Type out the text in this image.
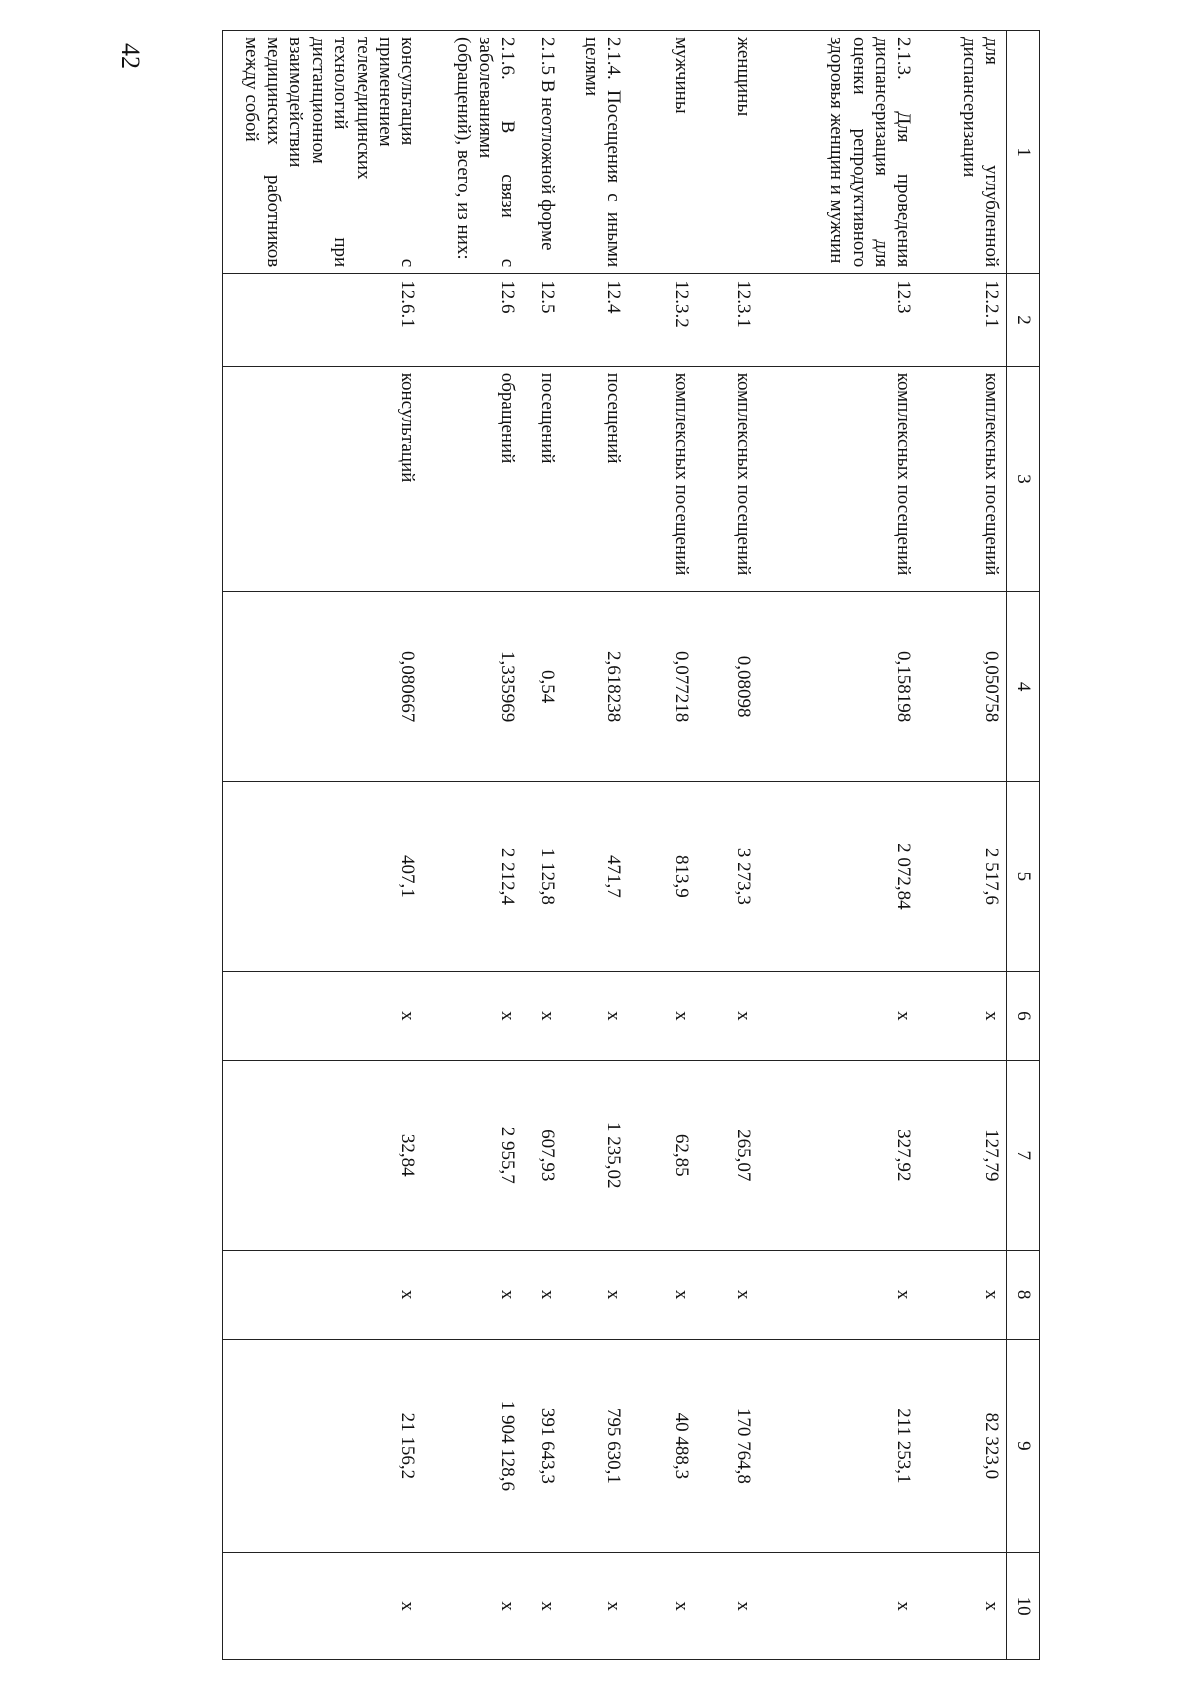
42
1	2	3	4	5	6	7	8	9	10
для углубленной диспансеризации	12.2.1	комплексных посещений	0,050758	2 517,6	х	127,79	х	82 323,0	х
2.1.3. Для проведения диспансеризация для оценки репродуктивного здоровья женщин и мужчин	12.3	комплексных посещений	0,158198	2 072,84	х	327,92	х	211 253,1	х
женщины	12.3.1	комплексных посещений	0,08098	3 273,3	х	265,07	х	170 764,8	х
мужчины	12.3.2	комплексных посещений	0,077218	813,9	х	62,85	х	40 488,3	х
2.1.4. Посещения с иными целями	12.4	посещений	2,618238	471,7	х	1 235,02	х	795 630,1	х
2.1.5 В неотложной форме	12.5	посещений	0,54	1 125,8	х	607,93	х	391 643,3	х
2.1.6. В связи с заболеваниями (обращений), всего, из них:	12.6	обращений	1,335969	2 212,4	х	2 955,7	х	1 904 128,6	х
консультация с применением телемедицинских технологий при дистанционном взаимодействии медицинских работников между собой	12.6.1	консультаций	0,080667	407,1	х	32,84	х	21 156,2	х
